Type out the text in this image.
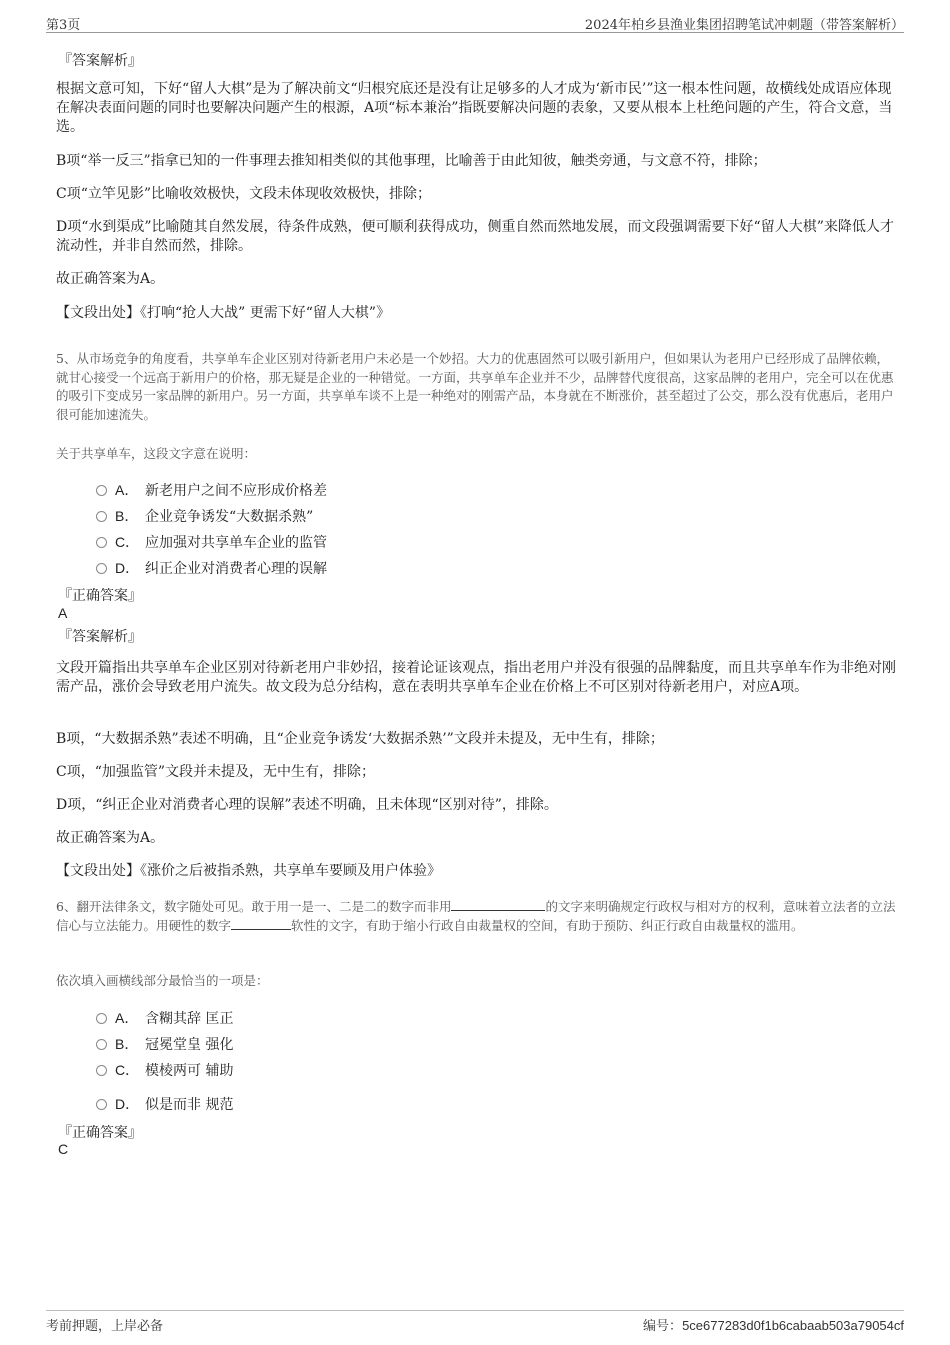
第3页	2024年柏乡县渔业集团招聘笔试冲刺题（带答案解析）
『答案解析』

根据文意可知，下好“留人大棋”是为了解决前文“归根究底还是没有让足够多的人才成为‘新市民’”这一根本性问题，故横线处成语应体现在解决表面问题的同时也要解决问题产生的根源，A项“标本兼治”指既要解决问题的表象，又要从根本上杜绝问题的产生，符合文意，当选。

B项“举一反三”指拿已知的一件事理去推知相类似的其他事理，比喻善于由此知彼，触类旁通，与文意不符，排除；

C项“立竿见影”比喻收效极快，文段未体现收效极快，排除；

D项“水到渠成”比喻随其自然发展，待条件成熟，便可顺利获得成功，侧重自然而然地发展，而文段强调需要下好“留人大棋”来降低人才流动性，并非自然而然，排除。

故正确答案为A。

【文段出处】《打响“抢人大战” 更需下好“留人大棋”》

5、从市场竞争的角度看，共享单车企业区别对待新老用户未必是一个妙招。大力的优惠固然可以吸引新用户，但如果认为老用户已经形成了品牌依赖，就甘心接受一个远高于新用户的价格，那无疑是企业的一种错觉。一方面，共享单车企业并不少，品牌替代度很高，这家品牌的老用户，完全可以在优惠的吸引下变成另一家品牌的新用户。另一方面，共享单车谈不上是一种绝对的刚需产品，本身就在不断涨价，甚至超过了公交，那么没有优惠后，老用户很可能加速流失。

关于共享单车，这段文字意在说明：

A． 新老用户之间不应形成价格差
B． 企业竞争诱发“大数据杀熟”
C． 应加强对共享单车企业的监管
D． 纠正企业对消费者心理的误解
『正确答案』
A
『答案解析』

文段开篇指出共享单车企业区别对待新老用户非妙招，接着论证该观点，指出老用户并没有很强的品牌黏度，而且共享单车作为非绝对刚需产品，涨价会导致老用户流失。故文段为总分结构，意在表明共享单车企业在价格上不可区别对待新老用户，对应A项。

B项，“大数据杀熟”表述不明确，且“企业竞争诱发‘大数据杀熟’”文段并未提及，无中生有，排除；

C项，“加强监管”文段并未提及，无中生有，排除；

D项，“纠正企业对消费者心理的误解”表述不明确，且未体现“区别对待”，排除。

故正确答案为A。

【文段出处】《涨价之后被指杀熟，共享单车要顾及用户体验》

6、翻开法律条文，数字随处可见。敢于用一是一、二是二的数字而非用	的文字来明确规定行政权与相对方的权利，意味着立法者的立法信心与立法能力。用硬性的数字	软性的文字，有助于缩小行政自由裁量权的空间，有助于预防、纠正行政自由裁量权的滥用。

依次填入画横线部分最恰当的一项是：

A． 含糊其辞 匡正
B． 冠冕堂皇 强化
C． 模棱两可 辅助
D． 似是而非 规范
『正确答案』
C
考前押题，上岸必备	编号：5ce677283d0f1b6cabaab503a79054cf
